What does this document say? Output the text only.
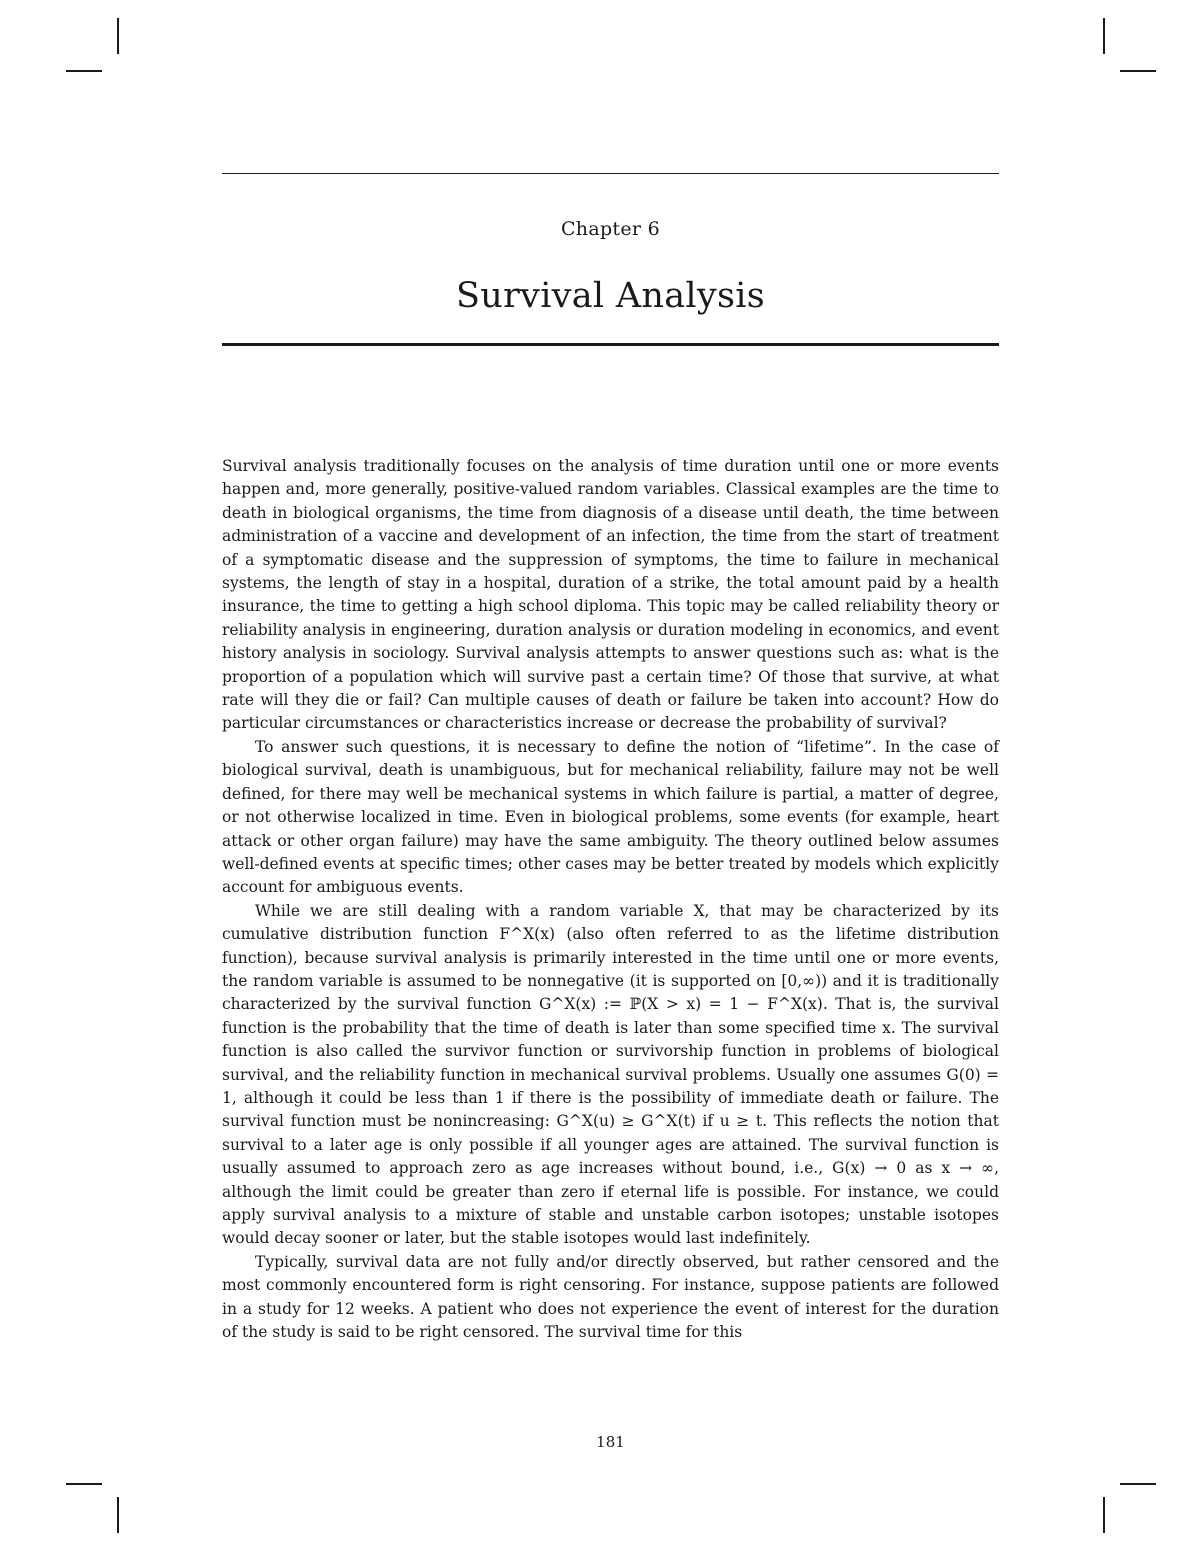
Chapter 6
Survival Analysis

Survival analysis traditionally focuses on the analysis of time duration until one or more events happen and, more generally, positive-valued random variables. Classical examples are the time to death in biological organisms, the time from diagnosis of a disease until death, the time between administration of a vaccine and development of an infection, the time from the start of treatment of a symptomatic disease and the suppression of symptoms, the time to failure in mechanical systems, the length of stay in a hospital, duration of a strike, the total amount paid by a health insurance, the time to getting a high school diploma. This topic may be called reliability theory or reliability analysis in engineering, duration analysis or duration modeling in economics, and event history analysis in sociology. Survival analysis attempts to answer questions such as: what is the proportion of a population which will survive past a certain time? Of those that survive, at what rate will they die or fail? Can multiple causes of death or failure be taken into account? How do particular circumstances or characteristics increase or decrease the probability of survival?

To answer such questions, it is necessary to define the notion of “lifetime”. In the case of biological survival, death is unambiguous, but for mechanical reliability, failure may not be well defined, for there may well be mechanical systems in which failure is partial, a matter of degree, or not otherwise localized in time. Even in biological problems, some events (for example, heart attack or other organ failure) may have the same ambiguity. The theory outlined below assumes well-defined events at specific times; other cases may be better treated by models which explicitly account for ambiguous events.

While we are still dealing with a random variable X, that may be characterized by its cumulative distribution function F^X(x) (also often referred to as the lifetime distribution function), because survival analysis is primarily interested in the time until one or more events, the random variable is assumed to be nonnegative (it is supported on [0,∞)) and it is traditionally characterized by the survival function G^X(x) := ℙ(X > x) = 1 − F^X(x). That is, the survival function is the probability that the time of death is later than some specified time x. The survival function is also called the survivor function or survivorship function in problems of biological survival, and the reliability function in mechanical survival problems. Usually one assumes G(0) = 1, although it could be less than 1 if there is the possibility of immediate death or failure. The survival function must be nonincreasing: G^X(u) ≥ G^X(t) if u ≥ t. This reflects the notion that survival to a later age is only possible if all younger ages are attained. The survival function is usually assumed to approach zero as age increases without bound, i.e., G(x) → 0 as x → ∞, although the limit could be greater than zero if eternal life is possible. For instance, we could apply survival analysis to a mixture of stable and unstable carbon isotopes; unstable isotopes would decay sooner or later, but the stable isotopes would last indefinitely.

Typically, survival data are not fully and/or directly observed, but rather censored and the most commonly encountered form is right censoring. For instance, suppose patients are followed in a study for 12 weeks. A patient who does not experience the event of interest for the duration of the study is said to be right censored. The survival time for this

181
